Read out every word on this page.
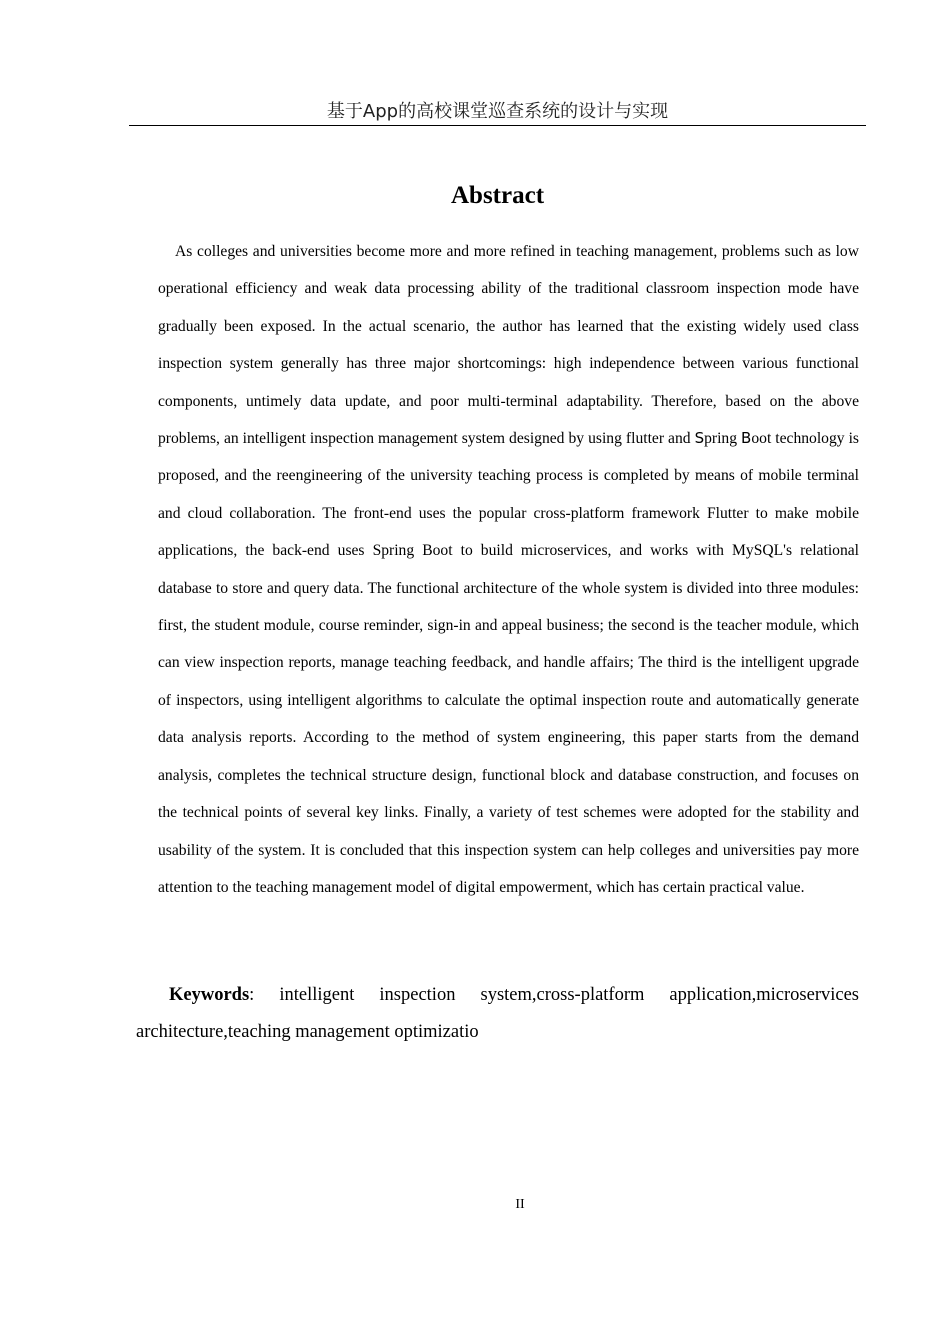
基于App的高校课堂巡查系统的设计与实现
Abstract

As colleges and universities become more and more refined in teaching management, problems such as low operational efficiency and weak data processing ability of the traditional classroom inspection mode have gradually been exposed. In the actual scenario, the author has learned that the existing widely used class inspection system generally has three major shortcomings: high independence between various functional components, untimely data update, and poor multi-terminal adaptability. Therefore, based on the above problems, an intelligent inspection management system designed by using flutter and Spring Boot technology is proposed, and the reengineering of the university teaching process is completed by means of mobile terminal and cloud collaboration. The front-end uses the popular cross-platform framework Flutter to make mobile applications, the back-end uses Spring Boot to build microservices, and works with MySQL's relational database to store and query data. The functional architecture of the whole system is divided into three modules: first, the student module, course reminder, sign-in and appeal business; the second is the teacher module, which can view inspection reports, manage teaching feedback, and handle affairs; The third is the intelligent upgrade of inspectors, using intelligent algorithms to calculate the optimal inspection route and automatically generate data analysis reports. According to the method of system engineering, this paper starts from the demand analysis, completes the technical structure design, functional block and database construction, and focuses on the technical points of several key links. Finally, a variety of test schemes were adopted for the stability and usability of the system. It is concluded that this inspection system can help colleges and universities pay more attention to the teaching management model of digital empowerment, which has certain practical value.

Keywords: intelligent inspection system,cross-platform application,microservices architecture,teaching management optimizatio

II
